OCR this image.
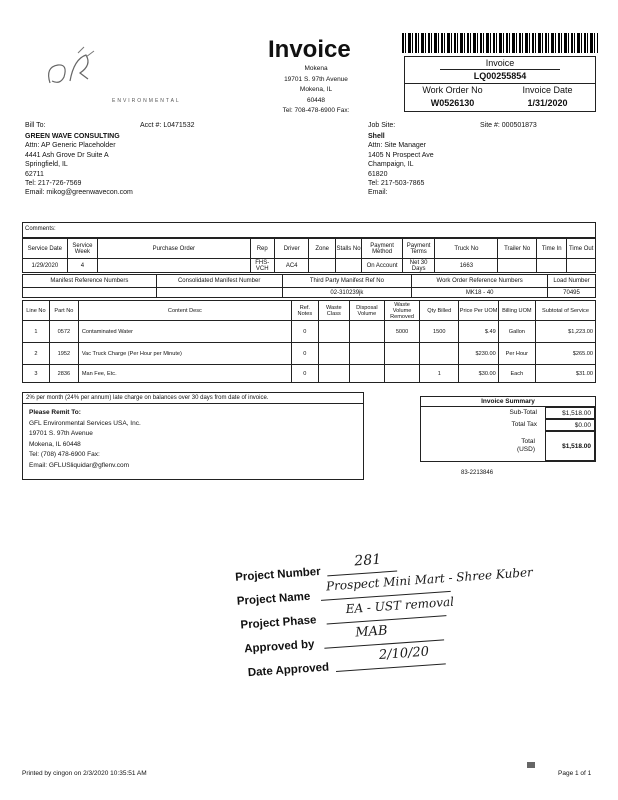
ENVIRONMENTAL
Invoice
Mokena
19701 S. 97th Avenue
Mokena, IL
60448
Tel: 708-478-6900 Fax:
Invoice
LQ00255854
Work Order No	Invoice Date
W0526130	1/31/2020
Bill To:	Acct #: L0471532
GREEN WAVE CONSULTING
Attn: AP Generic Placeholder
4441 Ash Grove Dr Suite A
Springfield, IL
62711
Tel: 217-726-7569
Email: mikog@greenwavecon.com
Job Site:	Site #: 000501873
Shell
Attn: Site Manager
1405 N Prospect Ave
Champaign, IL
61820
Tel: 217-503-7865
Email:
Comments:
Service Date	Service Week	Purchase Order	Rep	Driver	Zone	Stalls No	Payment Method	Payment Terms	Truck No	Trailer No	Time In	Time Out
1/29/2020	4		FHS-VCH	AC4			On Account	Net 30 Days	1663			
Manifest Reference Numbers	Consolidated Manifest Number	Third Party Manifest Ref No	Work Order Reference Numbers	Load Number
		02-310239jk	MK18 - 40	70495
Line No	Part No	Content Desc	Ref. Notes	Waste Class	Disposal Volume	Waste Volume Removed	Qty Billed	Price Per UOM	Billing UOM	Subtotal of Service
1	0572	Contaminated Water	0			5000	1500	$.49	Gallon	$1,223.00
2	1952	Vac Truck Charge (Per Hour per Minute)	0					$230.00	Per Hour	$265.00
3	2836	Man Fee, Etc.	0				1	$30.00	Each	$31.00
2% per month (24% per annum) late charge on balances over 30 days from date of invoice.
Please Remit To:
GFL Environmental Services USA, Inc.
19701 S. 97th Avenue
Mokena, IL 60448
Tel: (708) 478-6900 Fax:
Email: GFLUSliquidar@gflenv.com
Invoice Summary
Sub-Total	$1,518.00
Total Tax	$0.00
Total (USD)	$1,518.00
83-2213846
Project Number
281
Project Name
Prospect Mini Mart - Shree Kuber
Project Phase
EA - UST removal
Approved by
MAB
Date Approved
2/10/20
Printed by cingon on 2/3/2020 10:35:51 AM	Page 1 of 1
